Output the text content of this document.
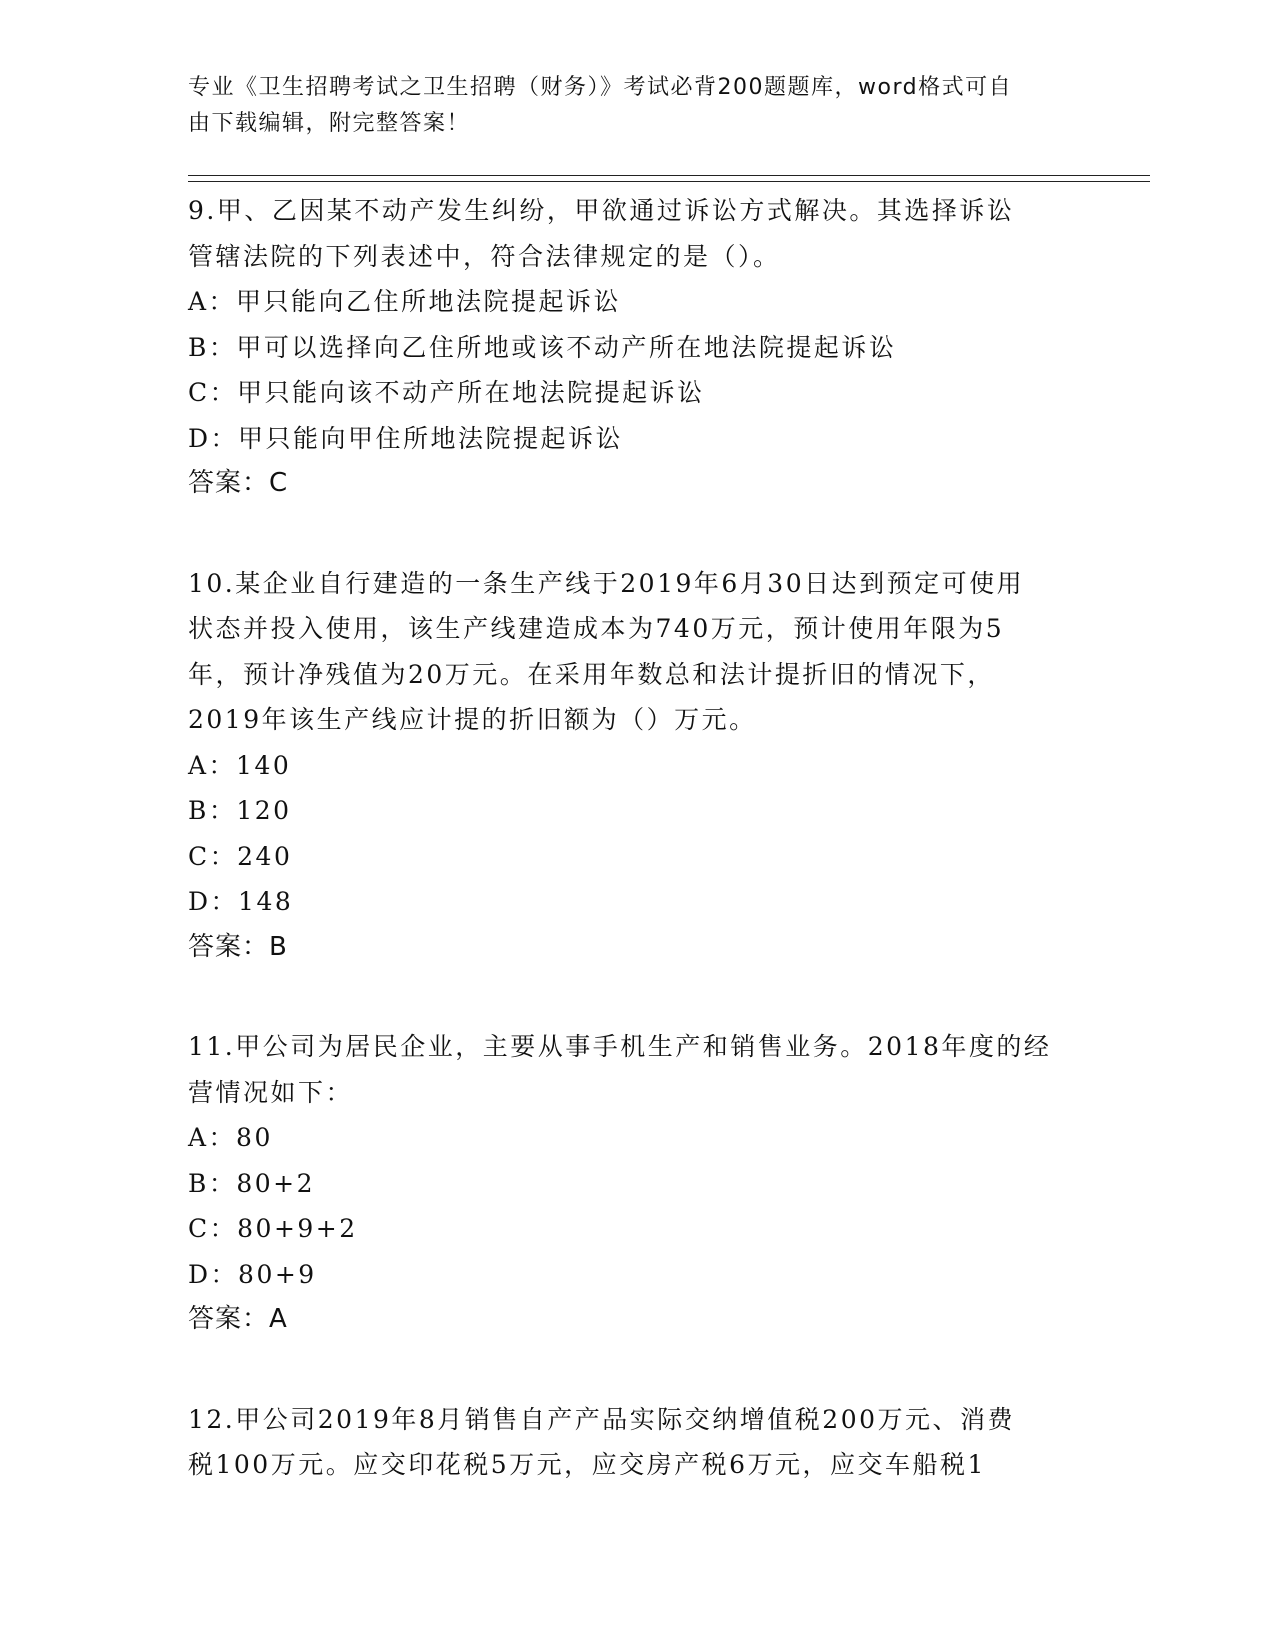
专业《卫生招聘考试之卫生招聘（财务）》考试必背200题题库，word格式可自
由下载编辑，附完整答案！
9.甲、乙因某不动产发生纠纷，甲欲通过诉讼方式解决。其选择诉讼
管辖法院的下列表述中，符合法律规定的是（）。
A：甲只能向乙住所地法院提起诉讼
B：甲可以选择向乙住所地或该不动产所在地法院提起诉讼
C：甲只能向该不动产所在地法院提起诉讼
D：甲只能向甲住所地法院提起诉讼
答案：C
10.某企业自行建造的一条生产线于2019年6月30日达到预定可使用
状态并投入使用，该生产线建造成本为740万元，预计使用年限为5
年，预计净残值为20万元。在采用年数总和法计提折旧的情况下，
2019年该生产线应计提的折旧额为（）万元。
A：140
B：120
C：240
D：148
答案：B
11.甲公司为居民企业，主要从事手机生产和销售业务。2018年度的经
营情况如下：
A：80
B：80+2
C：80+9+2
D：80+9
答案：A
12.甲公司2019年8月销售自产产品实际交纳增值税200万元、消费
税100万元。应交印花税5万元，应交房产税6万元，应交车船税1
